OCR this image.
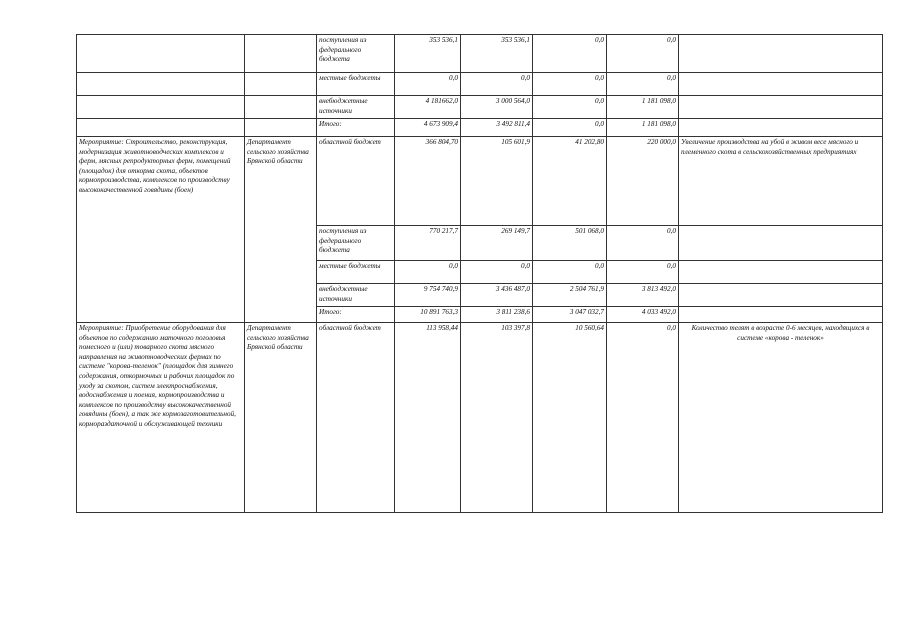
		поступления из федерального бюджета	353 536,1	353 536,1	0,0	0,0	
		местные бюджеты	0,0	0,0	0,0	0,0	
		внебюджетные источники	4 181662,0	3 000 564,0	0,0	1 181 098,0	
		Итого:	4 673 909,4	3 492 811,4	0,0	1 181 098,0	
Мероприятие: Строительство, реконструкция, модернизация животноводческих комплексов и ферм, мясных репродукторных ферм, помещений (площадок) для откорма скота, объектов кормопроизводства, комплексов по производству высококачественной говядины (боен)	Департамент сельского хозяйства Брянской области	областной бюджет	366 804,70	105 601,9	41 202,80	220 000,0	Увеличение производства на убой в живом весе мясного и племенного скота в сельскохозяйственных предприятиях
		поступления из федерального бюджета	770 217,7	269 149,7	501 068,0	0,0	
		местные бюджеты	0,0	0,0	0,0	0,0	
		внебюджетные источники	9 754 740,9	3 436 487,0	2 504 761,9	3 813 492,0	
		Итого:	10 891 763,3	3 811 238,6	3 047 032,7	4 033 492,0	
Мероприятие: Приобретение оборудования для объектов по содержанию маточного поголовья помесного и (или) товарного скота мясного направления на животноводческих фермах по системе "корова-теленок" (площадок для зимнего содержания, откормочных и рабочих площадок по уходу за скотом, систем электроснабжения, водоснабжения и поения, кормопроизводства и комплексов по производству высококачественной говядины (боен), а так же кормозаготовительной, кормораздаточной и обслуживающей техники	Департамент сельского хозяйства Брянской области	областной бюджет	113 958,44	103 397,8	10 560,64	0,0	Количество телят в возрасте 0-6 месяцев, находящихся в системе «корова - теленок»
